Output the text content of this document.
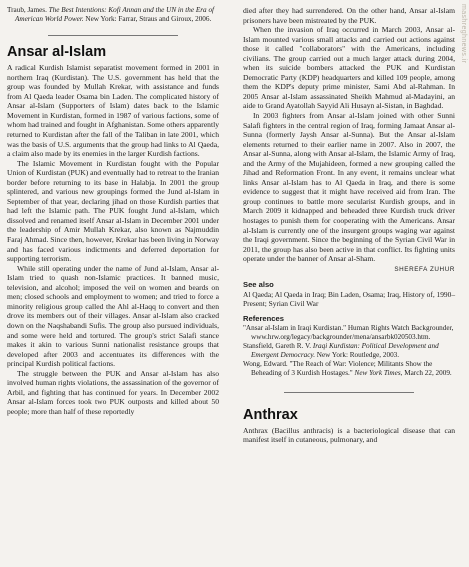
Traub, James. The Best Intentions: Kofi Annan and the UN in the Era of American World Power. New York: Farrar, Straus and Giroux, 2006.

Ansar al-Islam

A radical Kurdish Islamist separatist movement formed in 2001 in northern Iraq (Kurdistan). The U.S. government has held that the group was founded by Mullah Krekar, with assistance and funds from Al Qaeda leader Osama bin Laden. The complicated history of Ansar al-Islam (Supporters of Islam) dates back to the Islamic Movement in Kurdistan, formed in 1987 of various factions, some of whom had trained and fought in Afghanistan. Some others apparently returned to Kurdistan after the fall of the Taliban in late 2001, which was the basis of U.S. arguments that the group had links to Al Qaeda, a claim also made by its enemies in the larger Kurdish factions.

The Islamic Movement in Kurdistan fought with the Popular Union of Kurdistan (PUK) and eventually had to retreat to the Iranian border before returning to its base in Halabja. In 2001 the group splintered, and various new groupings formed the Jund al-Islam in September of that year, declaring jihad on those Kurdish parties that had left the Islamic path. The PUK fought Jund al-Islam, which dissolved and renamed itself Ansar al-Islam in December 2001 under the leadership of Amir Mullah Krekar, also known as Najmuddin Faraj Ahmad. Since then, however, Krekar has been living in Norway and has faced various indictments and deferred deportation for supporting terrorism.

While still operating under the name of Jund al-Islam, Ansar al-Islam tried to quash non-Islamic practices. It banned music, television, and alcohol; imposed the veil on women and beards on men; closed schools and employment to women; and tried to force a minority religious group called the Ahl al-Haqq to convert and then drove its members out of their villages. Ansar al-Islam also cracked down on the Naqshabandi Sufis. The group also pursued individuals, and some were held and tortured. The group's strict Salafi stance makes it akin to various Sunni nationalist resistance groups that developed after 2003 and accentuates its differences with the principal Kurdish political factions.

The struggle between the PUK and Ansar al-Islam has also involved human rights violations, the assassination of the governor of Arbil, and fighting that has continued for years. In December 2002 Ansar al-Islam forces took two PUK outposts and killed about 50 people; more than half of these reportedly

died after they had surrendered. On the other hand, Ansar al-Islam prisoners have been mistreated by the PUK.

When the invasion of Iraq occurred in March 2003, Ansar al-Islam mounted various small attacks and carried out actions against those it called "collaborators" with the Americans, including civilians. The group carried out a much larger attack during 2004, when its suicide bombers attacked the PUK and Kurdistan Democratic Party (KDP) headquarters and killed 109 people, among them the KDP's deputy prime minister, Sami Abd al-Rahman. In 2005 Ansar al-Islam assassinated Sheikh Mahmud al-Madayini, an aide to Grand Ayatollah Sayyid Ali Husayn al-Sistan, in Baghdad.

In 2003 fighters from Ansar al-Islam joined with other Sunni Salafi fighters in the central region of Iraq, forming Jamaat Ansar al-Sunna (formerly Jaysh Ansar al-Sunna). But the Ansar al-Islam elements returned to their earlier name in 2007. Also in 2007, the Ansar al-Sunna, along with Ansar al-Islam, the Islamic Army of Iraq, and the Army of the Mujahideen, formed a new grouping called the Jihad and Reformation Front. In any event, it remains unclear what links Ansar al-Islam has to Al Qaeda in Iraq, and there is some evidence to suggest that it might have received aid from Iran. The group continues to battle more secularist Kurdish groups, and in March 2009 it kidnapped and beheaded three Kurdish truck driver hostages to punish them for cooperating with the Americans. Ansar al-Islam is currently one of the insurgent groups waging war against the Iraqi government. Since the beginning of the Syrian Civil War in 2011, the group has also been active in that conflict. Its fighting units operate under the banner of Ansar al-Sham.

SHEREFA ZUHUR

See also

Al Qaeda; Al Qaeda in Iraq; Bin Laden, Osama; Iraq, History of, 1990–Present; Syrian Civil War

References

"Ansar al-Islam in Iraqi Kurdistan." Human Rights Watch Backgrounder, www.hrw.org/legacy/backgrounder/mena/ansarbk020503.htm.

Stansfield, Gareth R. V. Iraqi Kurdistan: Political Development and Emergent Democracy. New York: Routledge, 2003.

Wong, Edward. "The Reach of War: Violence; Militants Show the Beheading of 3 Kurdish Hostages." New York Times, March 22, 2009.

Anthrax

Anthrax (Bacillus anthracis) is a bacteriological disease that can manifest itself in cutaneous, pulmonary, and

mashreghnews.ir
